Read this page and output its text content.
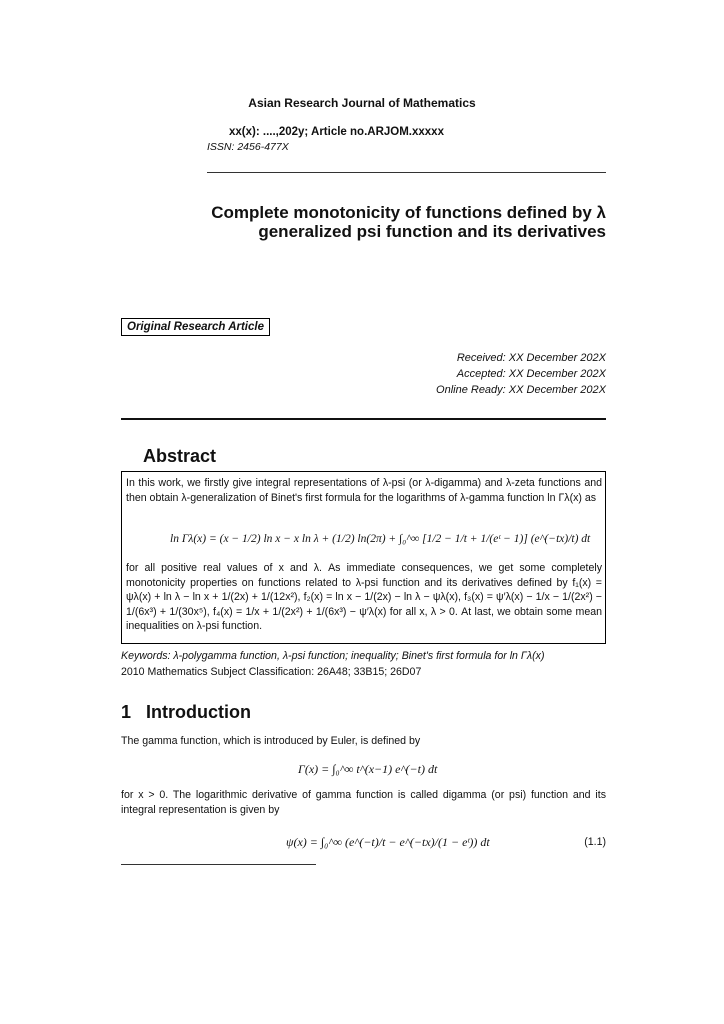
Asian Research Journal of Mathematics
xx(x): ....,202y; Article no.ARJOM.xxxxx
ISSN: 2456-477X
Complete monotonicity of functions defined by λ
generalized psi function and its derivatives
Original Research Article
Received: XX December 202X
Accepted: XX December 202X
Online Ready: XX December 202X
Abstract
In this work, we firstly give integral representations of λ-psi (or λ-digamma) and λ-zeta functions and then obtain λ-generalization of Binet's first formula for the logarithms of λ-gamma function ln Γλ(x) as
ln Γλ(x) = (x − 1/2) ln x − x ln λ + (1/2) ln(2π) + ∫₀^∞ [1/2 − 1/t + 1/(eᵗ − 1)] (e^(−tx)/t) dt
for all positive real values of x and λ. As immediate consequences, we get some completely monotonicity properties on functions related to λ-psi function and its derivatives defined by f₁(x) = ψλ(x) + ln λ − ln x + 1/(2x) + 1/(12x²), f₂(x) = ln x − 1/(2x) − ln λ − ψλ(x), f₃(x) = ψ′λ(x) − 1/x − 1/(2x²) − 1/(6x³) + 1/(30x⁵), f₄(x) = 1/x + 1/(2x²) + 1/(6x³) − ψ′λ(x) for all x, λ > 0. At last, we obtain some mean inequalities on λ-psi function.
Keywords: λ-polygamma function, λ-psi function; inequality; Binet's first formula for ln Γλ(x)
2010 Mathematics Subject Classification: 26A48; 33B15; 26D07
1 Introduction
The gamma function, which is introduced by Euler, is defined by
Γ(x) = ∫₀^∞ t^(x−1) e^(−t) dt
for x > 0. The logarithmic derivative of gamma function is called digamma (or psi) function and its integral representation is given by
ψ(x) = ∫₀^∞ (e^(−t)/t − e^(−tx)/(1 − eᵗ)) dt	(1.1)
